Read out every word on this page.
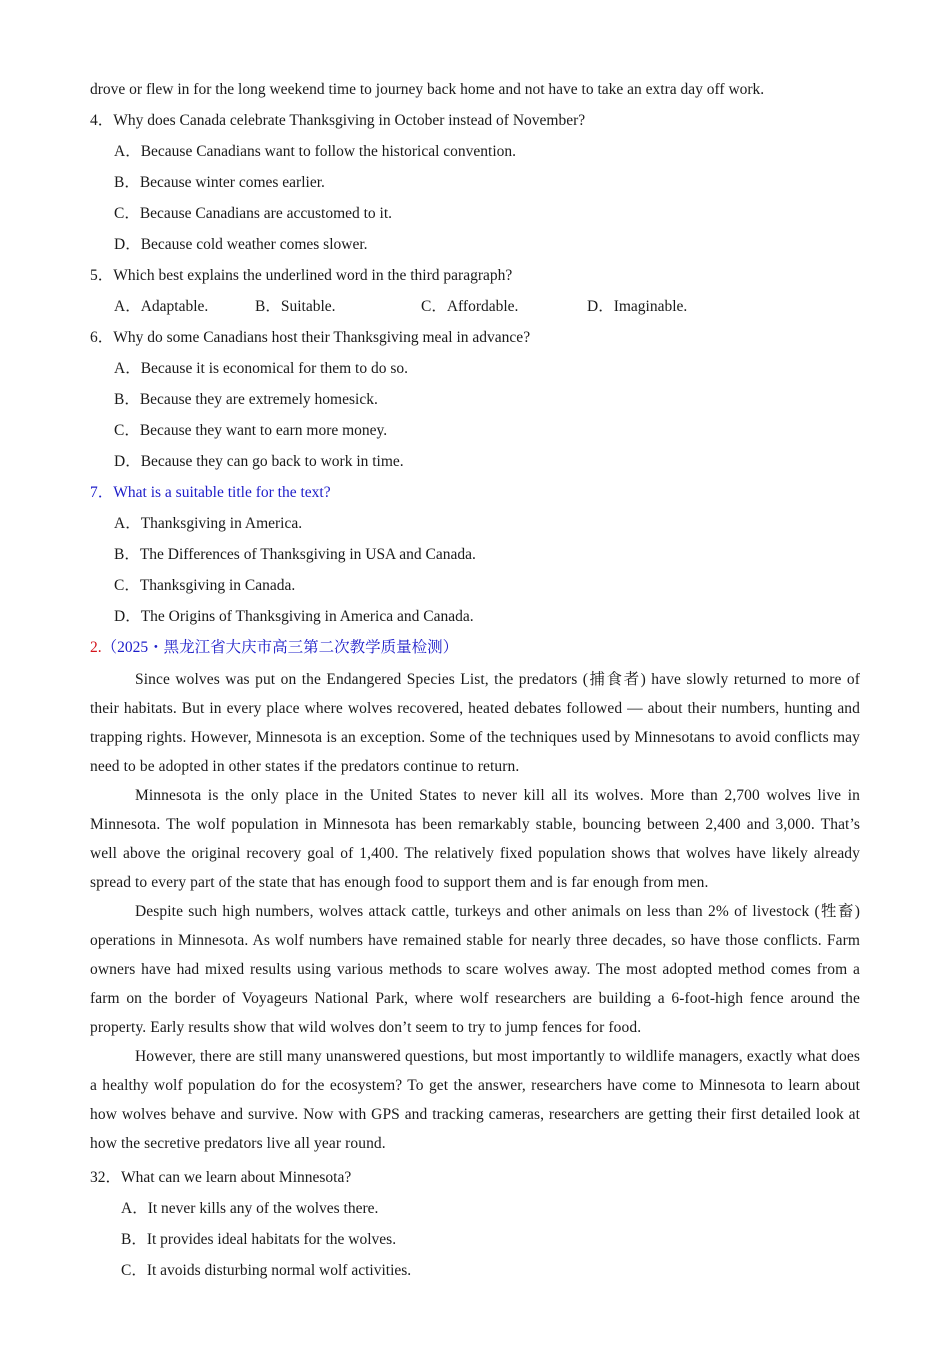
drove or flew in for the long weekend time to journey back home and not have to take an extra day off work.
4．Why does Canada celebrate Thanksgiving in October instead of November?
A．Because Canadians want to follow the historical convention.
B．Because winter comes earlier.
C．Because Canadians are accustomed to it.
D．Because cold weather comes slower.
5．Which best explains the underlined word in the third paragraph?
A．Adaptable.	B．Suitable.	C．Affordable.	D．Imaginable.
6．Why do some Canadians host their Thanksgiving meal in advance?
A．Because it is economical for them to do so.
B．Because they are extremely homesick.
C．Because they want to earn more money.
D．Because they can go back to work in time.
7．What is a suitable title for the text?
A．Thanksgiving in America.
B．The Differences of Thanksgiving in USA and Canada.
C．Thanksgiving in Canada.
D．The Origins of Thanksgiving in America and Canada.
2.（2025・黑龙江省大庆市高三第二次教学质量检测）

Since wolves was put on the Endangered Species List, the predators (捕食者) have slowly returned to more of their habitats. But in every place where wolves recovered, heated debates followed — about their numbers, hunting and trapping rights. However, Minnesota is an exception. Some of the techniques used by Minnesotans to avoid conflicts may need to be adopted in other states if the predators continue to return.

Minnesota is the only place in the United States to never kill all its wolves. More than 2,700 wolves live in Minnesota. The wolf population in Minnesota has been remarkably stable, bouncing between 2,400 and 3,000. That’s well above the original recovery goal of 1,400. The relatively fixed population shows that wolves have likely already spread to every part of the state that has enough food to support them and is far enough from men.

Despite such high numbers, wolves attack cattle, turkeys and other animals on less than 2% of livestock (牲畜) operations in Minnesota. As wolf numbers have remained stable for nearly three decades, so have those conflicts. Farm owners have had mixed results using various methods to scare wolves away. The most adopted method comes from a farm on the border of Voyageurs National Park, where wolf researchers are building a 6-foot-high fence around the property. Early results show that wild wolves don’t seem to try to jump fences for food.

However, there are still many unanswered questions, but most importantly to wildlife managers, exactly what does a healthy wolf population do for the ecosystem? To get the answer, researchers have come to Minnesota to learn about how wolves behave and survive. Now with GPS and tracking cameras, researchers are getting their first detailed look at how the secretive predators live all year round.

32．What can we learn about Minnesota?
A．It never kills any of the wolves there.
B．It provides ideal habitats for the wolves.
C．It avoids disturbing normal wolf activities.
